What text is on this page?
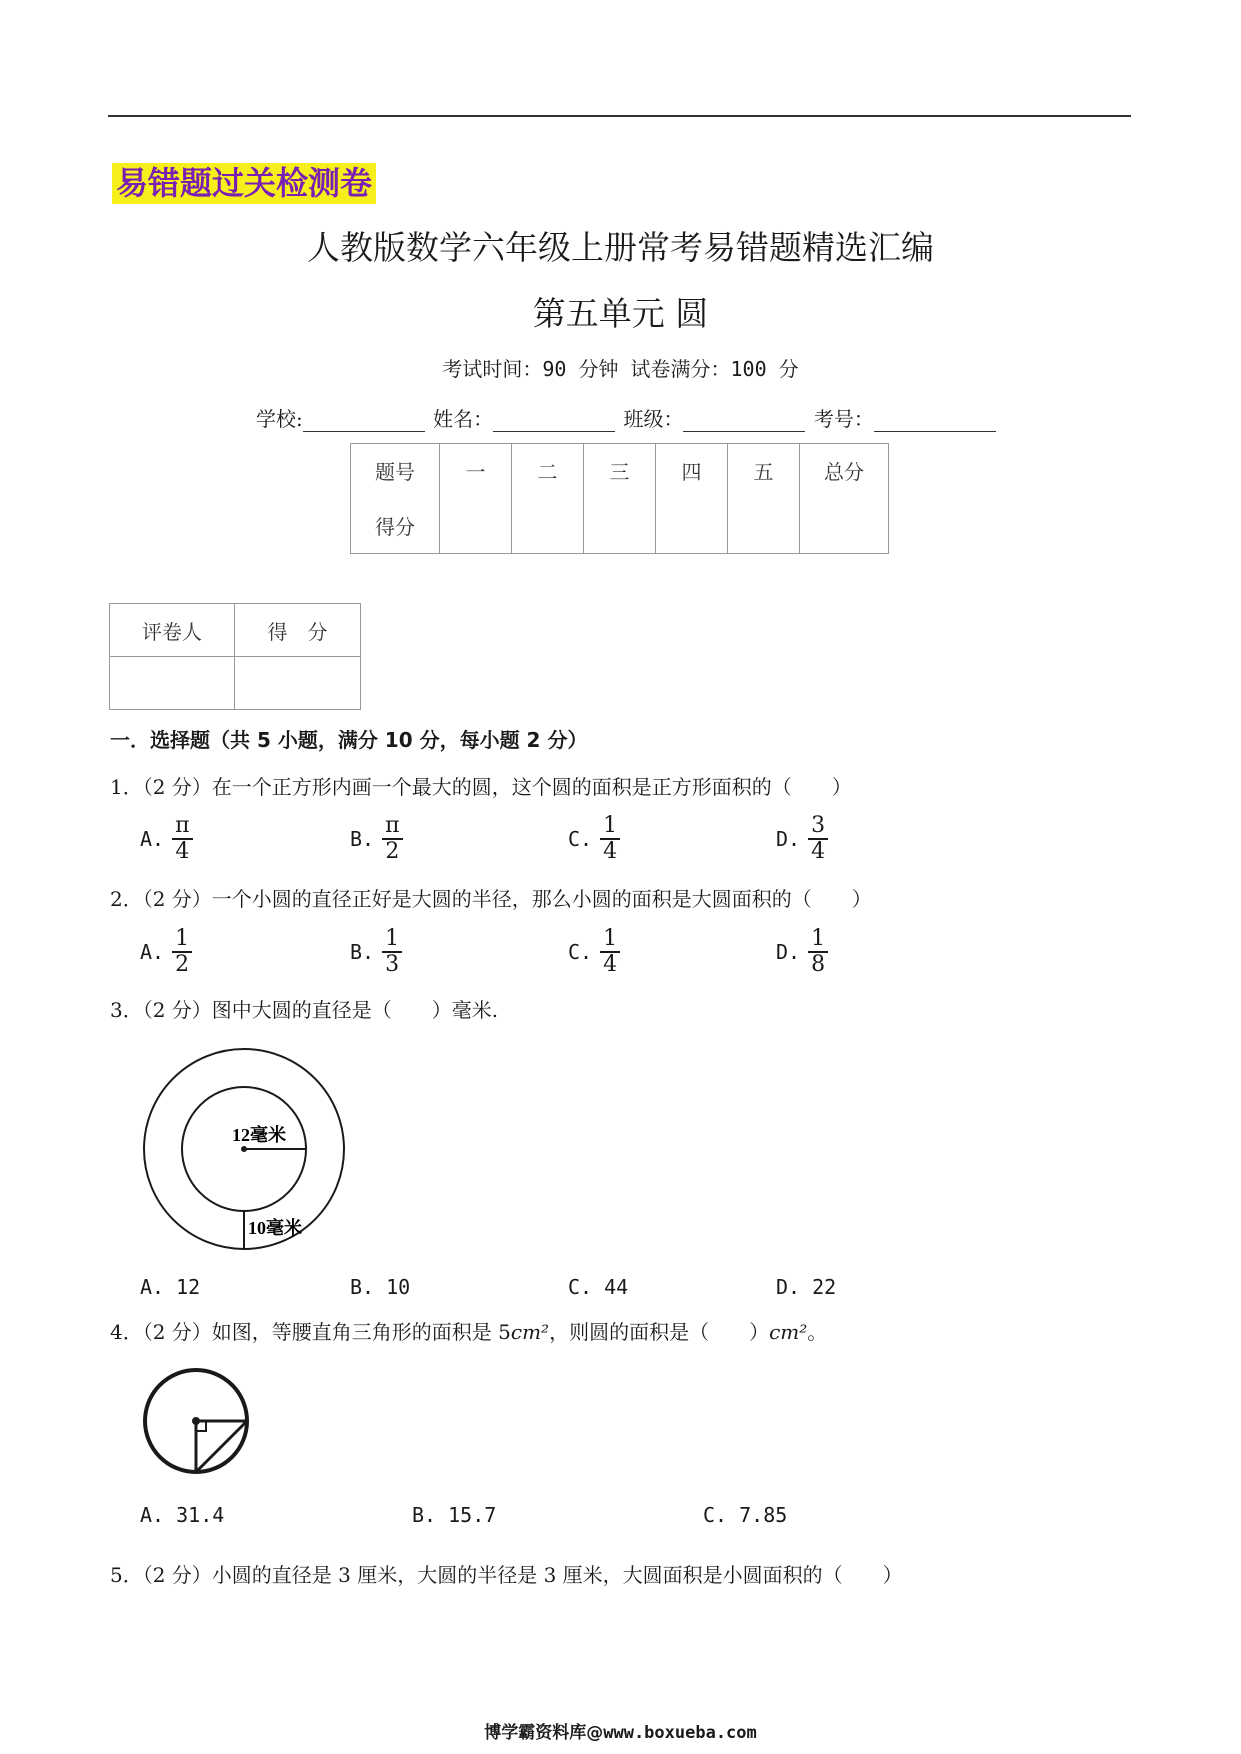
易错题过关检测卷
人教版数学六年级上册常考易错题精选汇编
第五单元 圆
考试时间：90 分钟 试卷满分：100 分
学校:	姓名：	班级：	考号：
题号	一	二	三	四	五	总分
得分						
评卷人	得　分

一．选择题（共 5 小题，满分 10 分，每小题 2 分）
1．（2 分）在一个正方形内画一个最大的圆，这个圆的面积是正方形面积的（　　）
A. $\frac{\pi}{4}$	B. $\frac{\pi}{2}$	C. $\frac{1}{4}$	D. $\frac{3}{4}$
2．（2 分）一个小圆的直径正好是大圆的半径，那么小圆的面积是大圆面积的（　　）
A. $\frac{1}{2}$	B. $\frac{1}{3}$	C. $\frac{1}{4}$	D. $\frac{1}{8}$
3．（2 分）图中大圆的直径是（　　）毫米.
12毫米
10毫米
A. 12	B. 10	C. 44	D. 22
4．（2 分）如图，等腰直角三角形的面积是 5cm²，则圆的面积是（　　）cm²。
A. 31.4	B. 15.7	C. 7.85
5．（2 分）小圆的直径是 3 厘米，大圆的半径是 3 厘米，大圆面积是小圆面积的（　　）
博学霸资料库@www.boxueba.com
